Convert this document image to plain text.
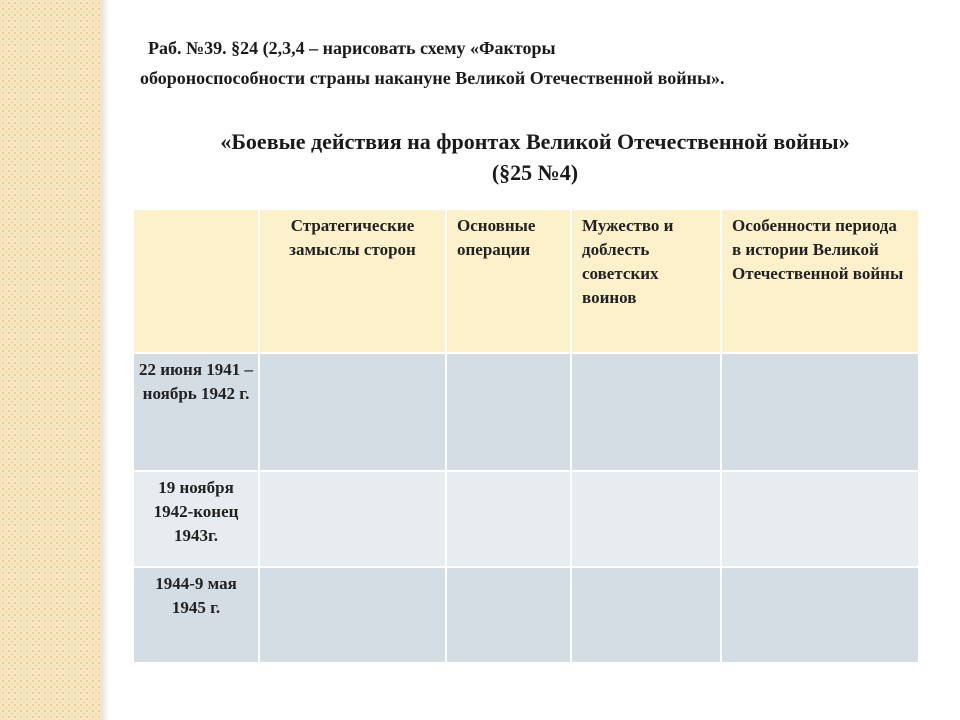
Раб. №39. §24 (2,3,4 – нарисовать схему «Факторы
обороноспособности страны накануне Великой Отечественной войны».
«Боевые действия на фронтах Великой Отечественной войны»
(§25 №4)
	Стратегические замыслы сторон	Основные операции	Мужество и доблесть советских воинов	Особенности периода в истории Великой Отечественной войны
22 июня 1941 – ноябрь 1942 г.				
19 ноября 1942-конец 1943г.				
1944-9 мая 1945 г.				
